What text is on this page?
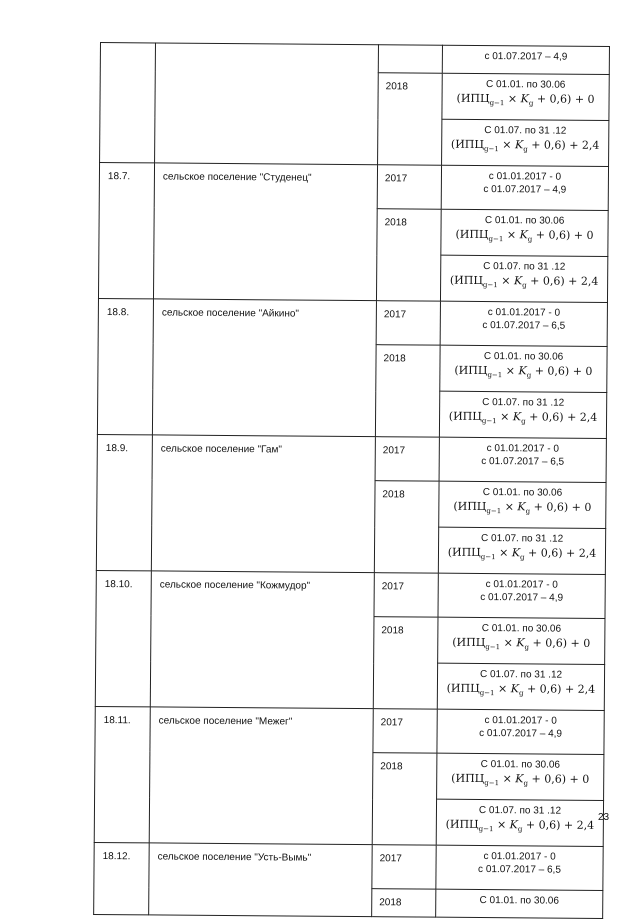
			с 01.07.2017 – 4,9

		2018	С 01.01. по 30.06
$(ИПЦ_{g-1} \times K_g + 0,6) + 0$

			С 01.07. по 31 .12
$(ИПЦ_{g-1} \times K_g + 0,6) + 2,4$

18.7.	сельское поселение "Студенец"	2017	с 01.01.2017 - 0
с 01.07.2017 – 4,9

		2018	С 01.01. по 30.06
$(ИПЦ_{g-1} \times K_g + 0,6) + 0$

			С 01.07. по 31 .12
$(ИПЦ_{g-1} \times K_g + 0,6) + 2,4$

18.8.	сельское поселение "Айкино"	2017	с 01.01.2017 - 0
с 01.07.2017 – 6,5

		2018	С 01.01. по 30.06
$(ИПЦ_{g-1} \times K_g + 0,6) + 0$

			С 01.07. по 31 .12
$(ИПЦ_{g-1} \times K_g + 0,6) + 2,4$

18.9.	сельское поселение "Гам"	2017	с 01.01.2017 - 0
с 01.07.2017 – 6,5

		2018	С 01.01. по 30.06
$(ИПЦ_{g-1} \times K_g + 0,6) + 0$

			С 01.07. по 31 .12
$(ИПЦ_{g-1} \times K_g + 0,6) + 2,4$

18.10.	сельское поселение "Кожмудор"	2017	с 01.01.2017 - 0
с 01.07.2017 – 4,9

		2018	С 01.01. по 30.06
$(ИПЦ_{g-1} \times K_g + 0,6) + 0$

			С 01.07. по 31 .12
$(ИПЦ_{g-1} \times K_g + 0,6) + 2,4$

18.11.	сельское поселение "Межег"	2017	с 01.01.2017 - 0
с 01.07.2017 – 4,9

		2018	С 01.01. по 30.06
$(ИПЦ_{g-1} \times K_g + 0,6) + 0$

			С 01.07. по 31 .12
$(ИПЦ_{g-1} \times K_g + 0,6) + 2,4$

18.12.	сельское поселение "Усть-Вымь"	2017	с 01.01.2017 - 0
с 01.07.2017 – 6,5

		2018	С 01.01. по 30.06
23
